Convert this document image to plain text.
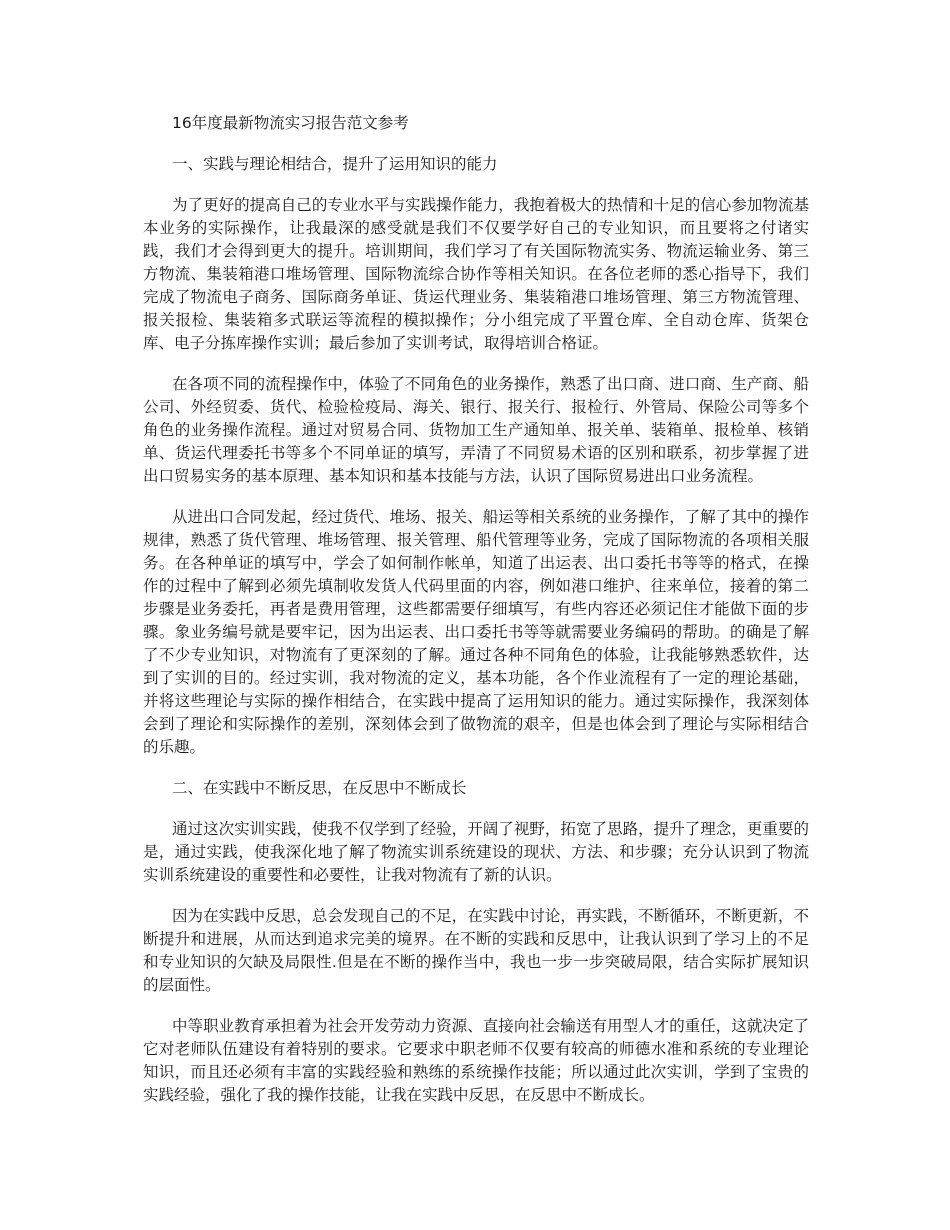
16年度最新物流实习报告范文参考

一、实践与理论相结合，提升了运用知识的能力

为了更好的提高自己的专业水平与实践操作能力，我抱着极大的热情和十足的信心参加物流基本业务的实际操作，让我最深的感受就是我们不仅要学好自己的专业知识，而且要将之付诸实践，我们才会得到更大的提升。培训期间，我们学习了有关国际物流实务、物流运输业务、第三方物流、集装箱港口堆场管理、国际物流综合协作等相关知识。在各位老师的悉心指导下，我们完成了物流电子商务、国际商务单证、货运代理业务、集装箱港口堆场管理、第三方物流管理、报关报检、集装箱多式联运等流程的模拟操作；分小组完成了平置仓库、全自动仓库、货架仓库、电子分拣库操作实训；最后参加了实训考试，取得培训合格证。

在各项不同的流程操作中，体验了不同角色的业务操作，熟悉了出口商、进口商、生产商、船公司、外经贸委、货代、检验检疫局、海关、银行、报关行、报检行、外管局、保险公司等多个角色的业务操作流程。通过对贸易合同、货物加工生产通知单、报关单、装箱单、报检单、核销单、货运代理委托书等多个不同单证的填写，弄清了不同贸易术语的区别和联系，初步掌握了进出口贸易实务的基本原理、基本知识和基本技能与方法，认识了国际贸易进出口业务流程。

从进出口合同发起，经过货代、堆场、报关、船运等相关系统的业务操作，了解了其中的操作规律，熟悉了货代管理、堆场管理、报关管理、船代管理等业务，完成了国际物流的各项相关服务。在各种单证的填写中，学会了如何制作帐单，知道了出运表、出口委托书等等的格式，在操作的过程中了解到必须先填制收发货人代码里面的内容，例如港口维护、往来单位，接着的第二步骤是业务委托，再者是费用管理，这些都需要仔细填写，有些内容还必须记住才能做下面的步骤。象业务编号就是要牢记，因为出运表、出口委托书等等就需要业务编码的帮助。的确是了解了不少专业知识，对物流有了更深刻的了解。通过各种不同角色的体验，让我能够熟悉软件，达到了实训的目的。经过实训，我对物流的定义，基本功能，各个作业流程有了一定的理论基础，并将这些理论与实际的操作相结合，在实践中提高了运用知识的能力。通过实际操作，我深刻体会到了理论和实际操作的差别，深刻体会到了做物流的艰辛，但是也体会到了理论与实际相结合的乐趣。

二、在实践中不断反思，在反思中不断成长

通过这次实训实践，使我不仅学到了经验，开阔了视野，拓宽了思路，提升了理念，更重要的是，通过实践，使我深化地了解了物流实训系统建设的现状、方法、和步骤；充分认识到了物流实训系统建设的重要性和必要性，让我对物流有了新的认识。

因为在实践中反思，总会发现自己的不足，在实践中讨论，再实践，不断循环，不断更新，不断提升和进展，从而达到追求完美的境界。在不断的实践和反思中，让我认识到了学习上的不足和专业知识的欠缺及局限性.但是在不断的操作当中，我也一步一步突破局限，结合实际扩展知识的层面性。

中等职业教育承担着为社会开发劳动力资源、直接向社会输送有用型人才的重任，这就决定了它对老师队伍建设有着特别的要求。它要求中职老师不仅要有较高的师德水准和系统的专业理论知识，而且还必须有丰富的实践经验和熟练的系统操作技能；所以通过此次实训，学到了宝贵的实践经验，强化了我的操作技能，让我在实践中反思，在反思中不断成长。
